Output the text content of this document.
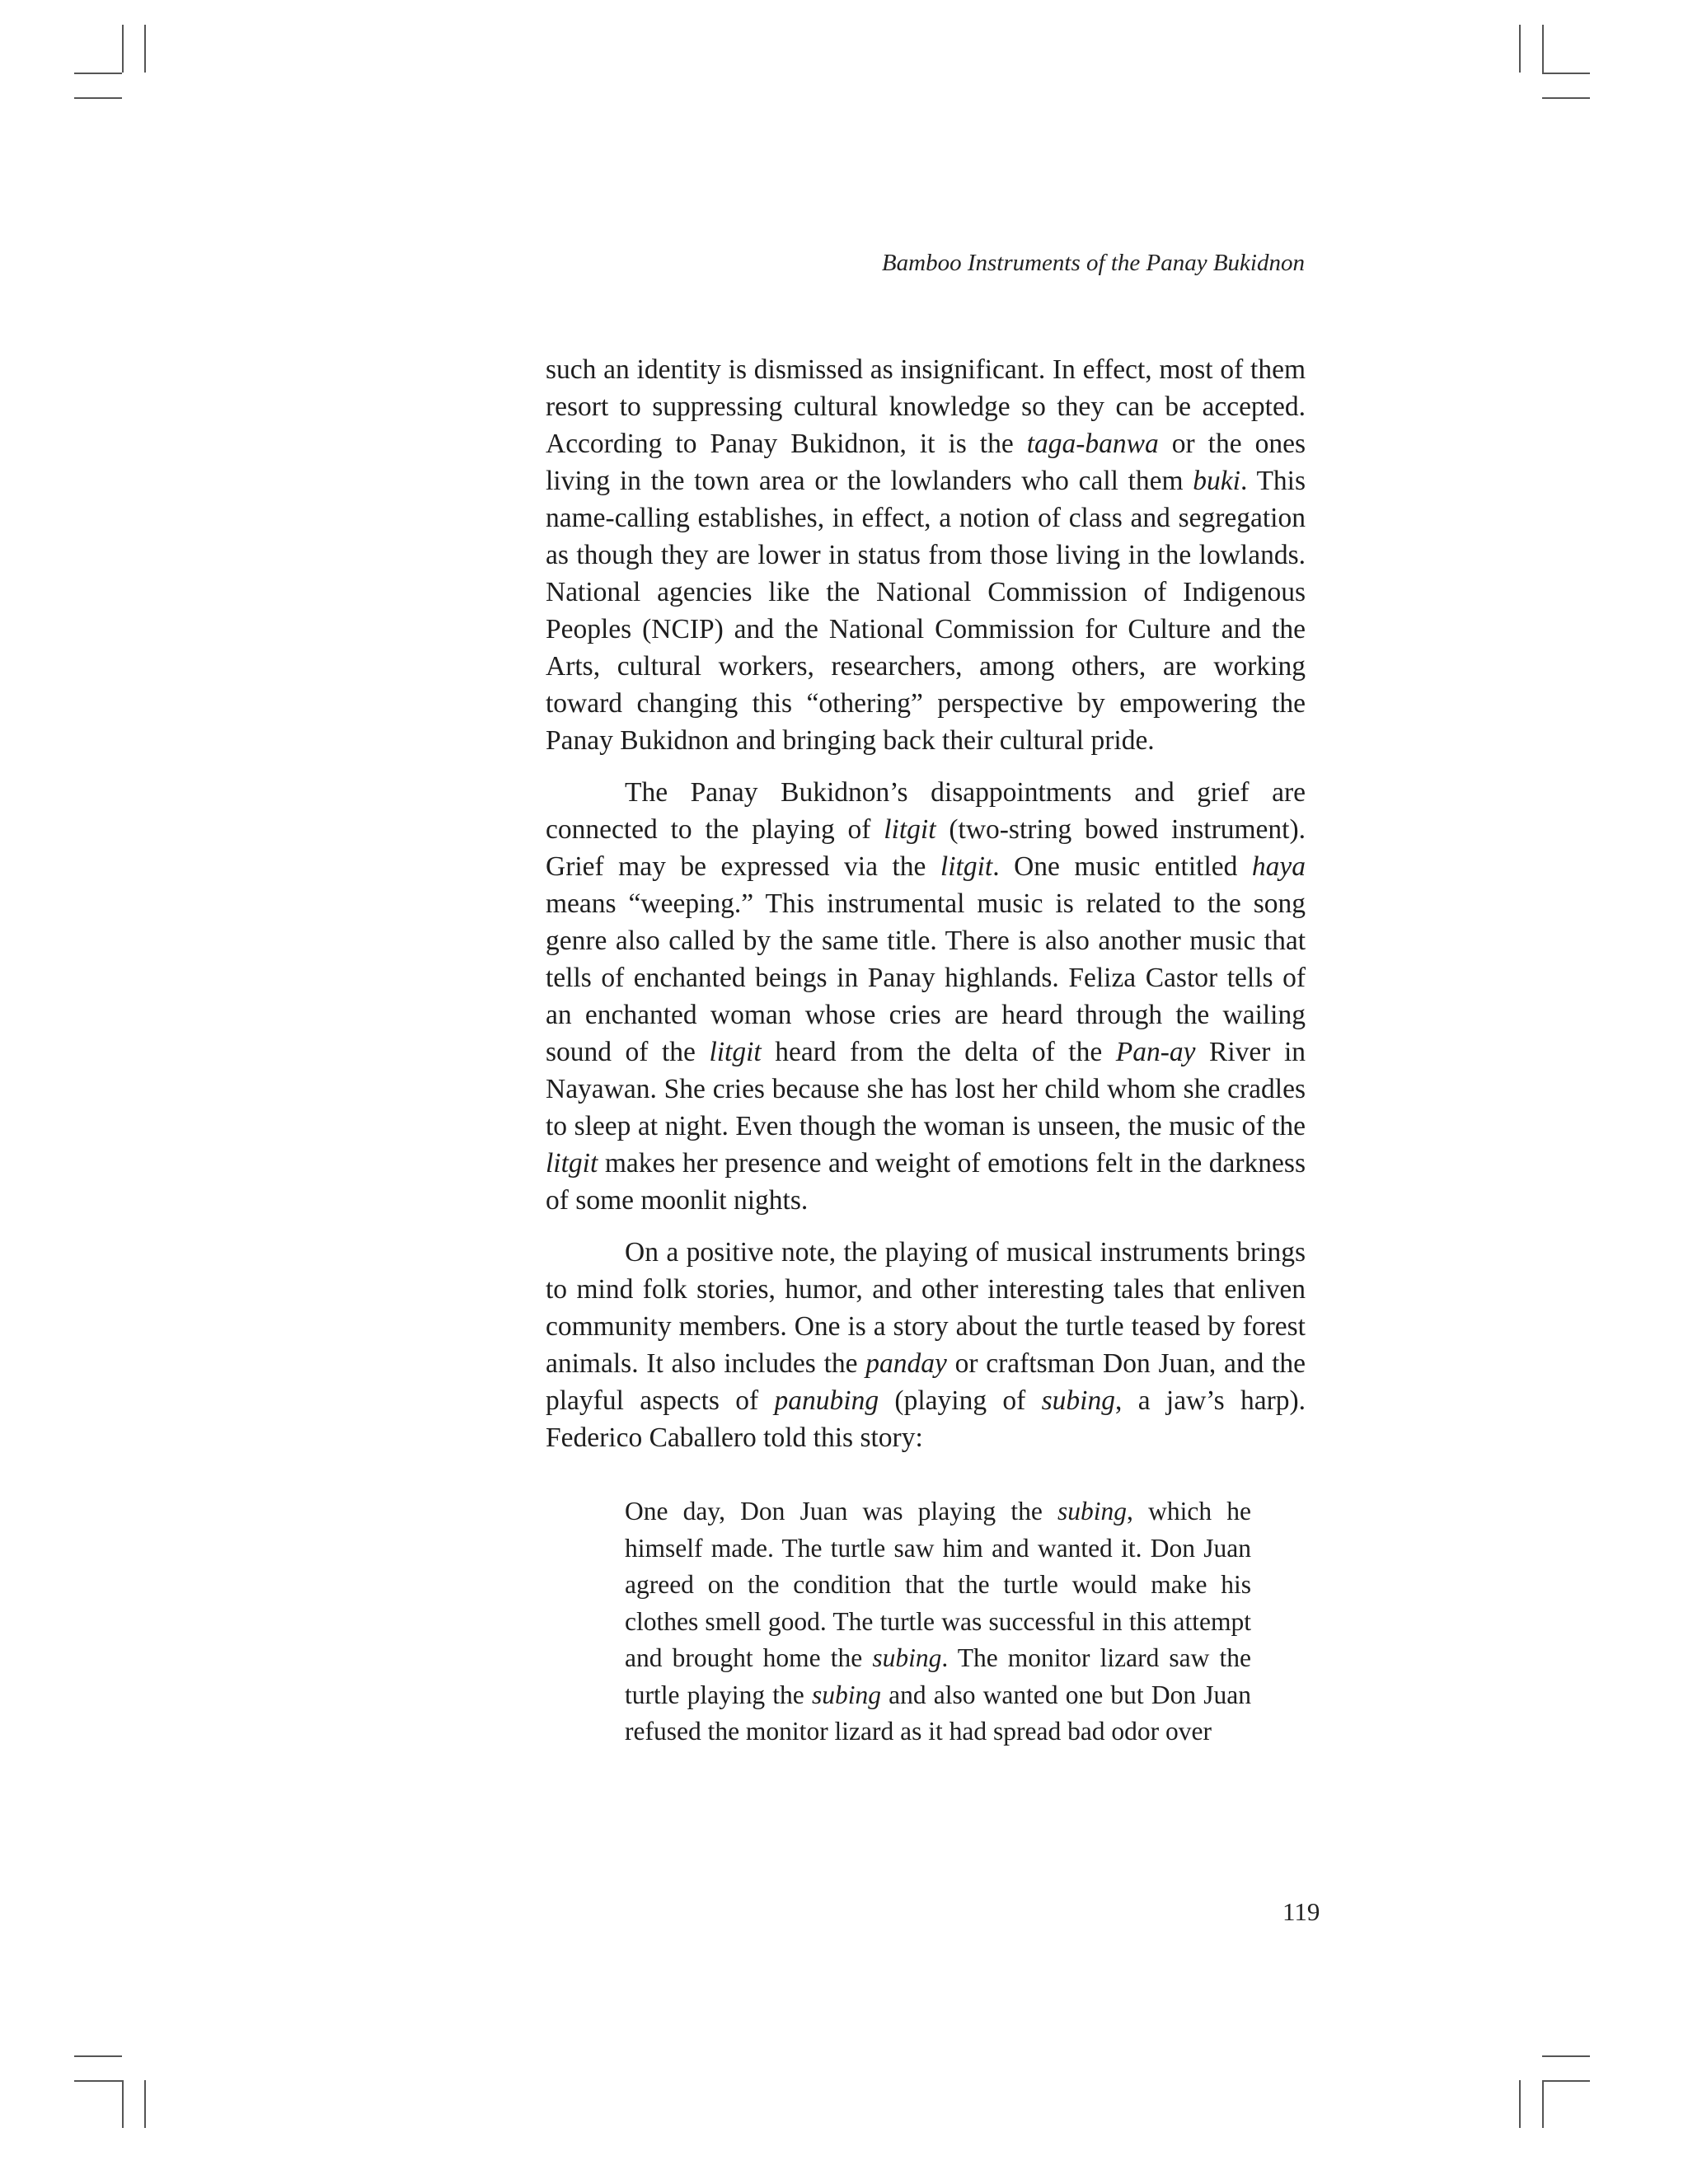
Bamboo Instruments of the Panay Bukidnon

such an identity is dismissed as insignificant. In effect, most of them resort to suppressing cultural knowledge so they can be accepted. According to Panay Bukidnon, it is the taga-banwa or the ones living in the town area or the lowlanders who call them buki. This name-calling establishes, in effect, a notion of class and segregation as though they are lower in status from those living in the lowlands. National agencies like the National Commission of Indigenous Peoples (NCIP) and the National Commission for Culture and the Arts, cultural workers, researchers, among others, are working toward changing this “othering” perspective by empowering the Panay Bukidnon and bringing back their cultural pride.

The Panay Bukidnon’s disappointments and grief are connected to the playing of litgit (two-string bowed instrument). Grief may be expressed via the litgit. One music entitled haya means “weeping.” This instrumental music is related to the song genre also called by the same title. There is also another music that tells of enchanted beings in Panay highlands. Feliza Castor tells of an enchanted woman whose cries are heard through the wailing sound of the litgit heard from the delta of the Pan-ay River in Nayawan. She cries because she has lost her child whom she cradles to sleep at night. Even though the woman is unseen, the music of the litgit makes her presence and weight of emotions felt in the darkness of some moonlit nights.

On a positive note, the playing of musical instruments brings to mind folk stories, humor, and other interesting tales that enliven community members. One is a story about the turtle teased by forest animals. It also includes the panday or craftsman Don Juan, and the playful aspects of panubing (playing of subing, a jaw’s harp). Federico Caballero told this story:

One day, Don Juan was playing the subing, which he himself made. The turtle saw him and wanted it. Don Juan agreed on the condition that the turtle would make his clothes smell good. The turtle was successful in this attempt and brought home the subing. The monitor lizard saw the turtle playing the subing and also wanted one but Don Juan refused the monitor lizard as it had spread bad odor over
119
